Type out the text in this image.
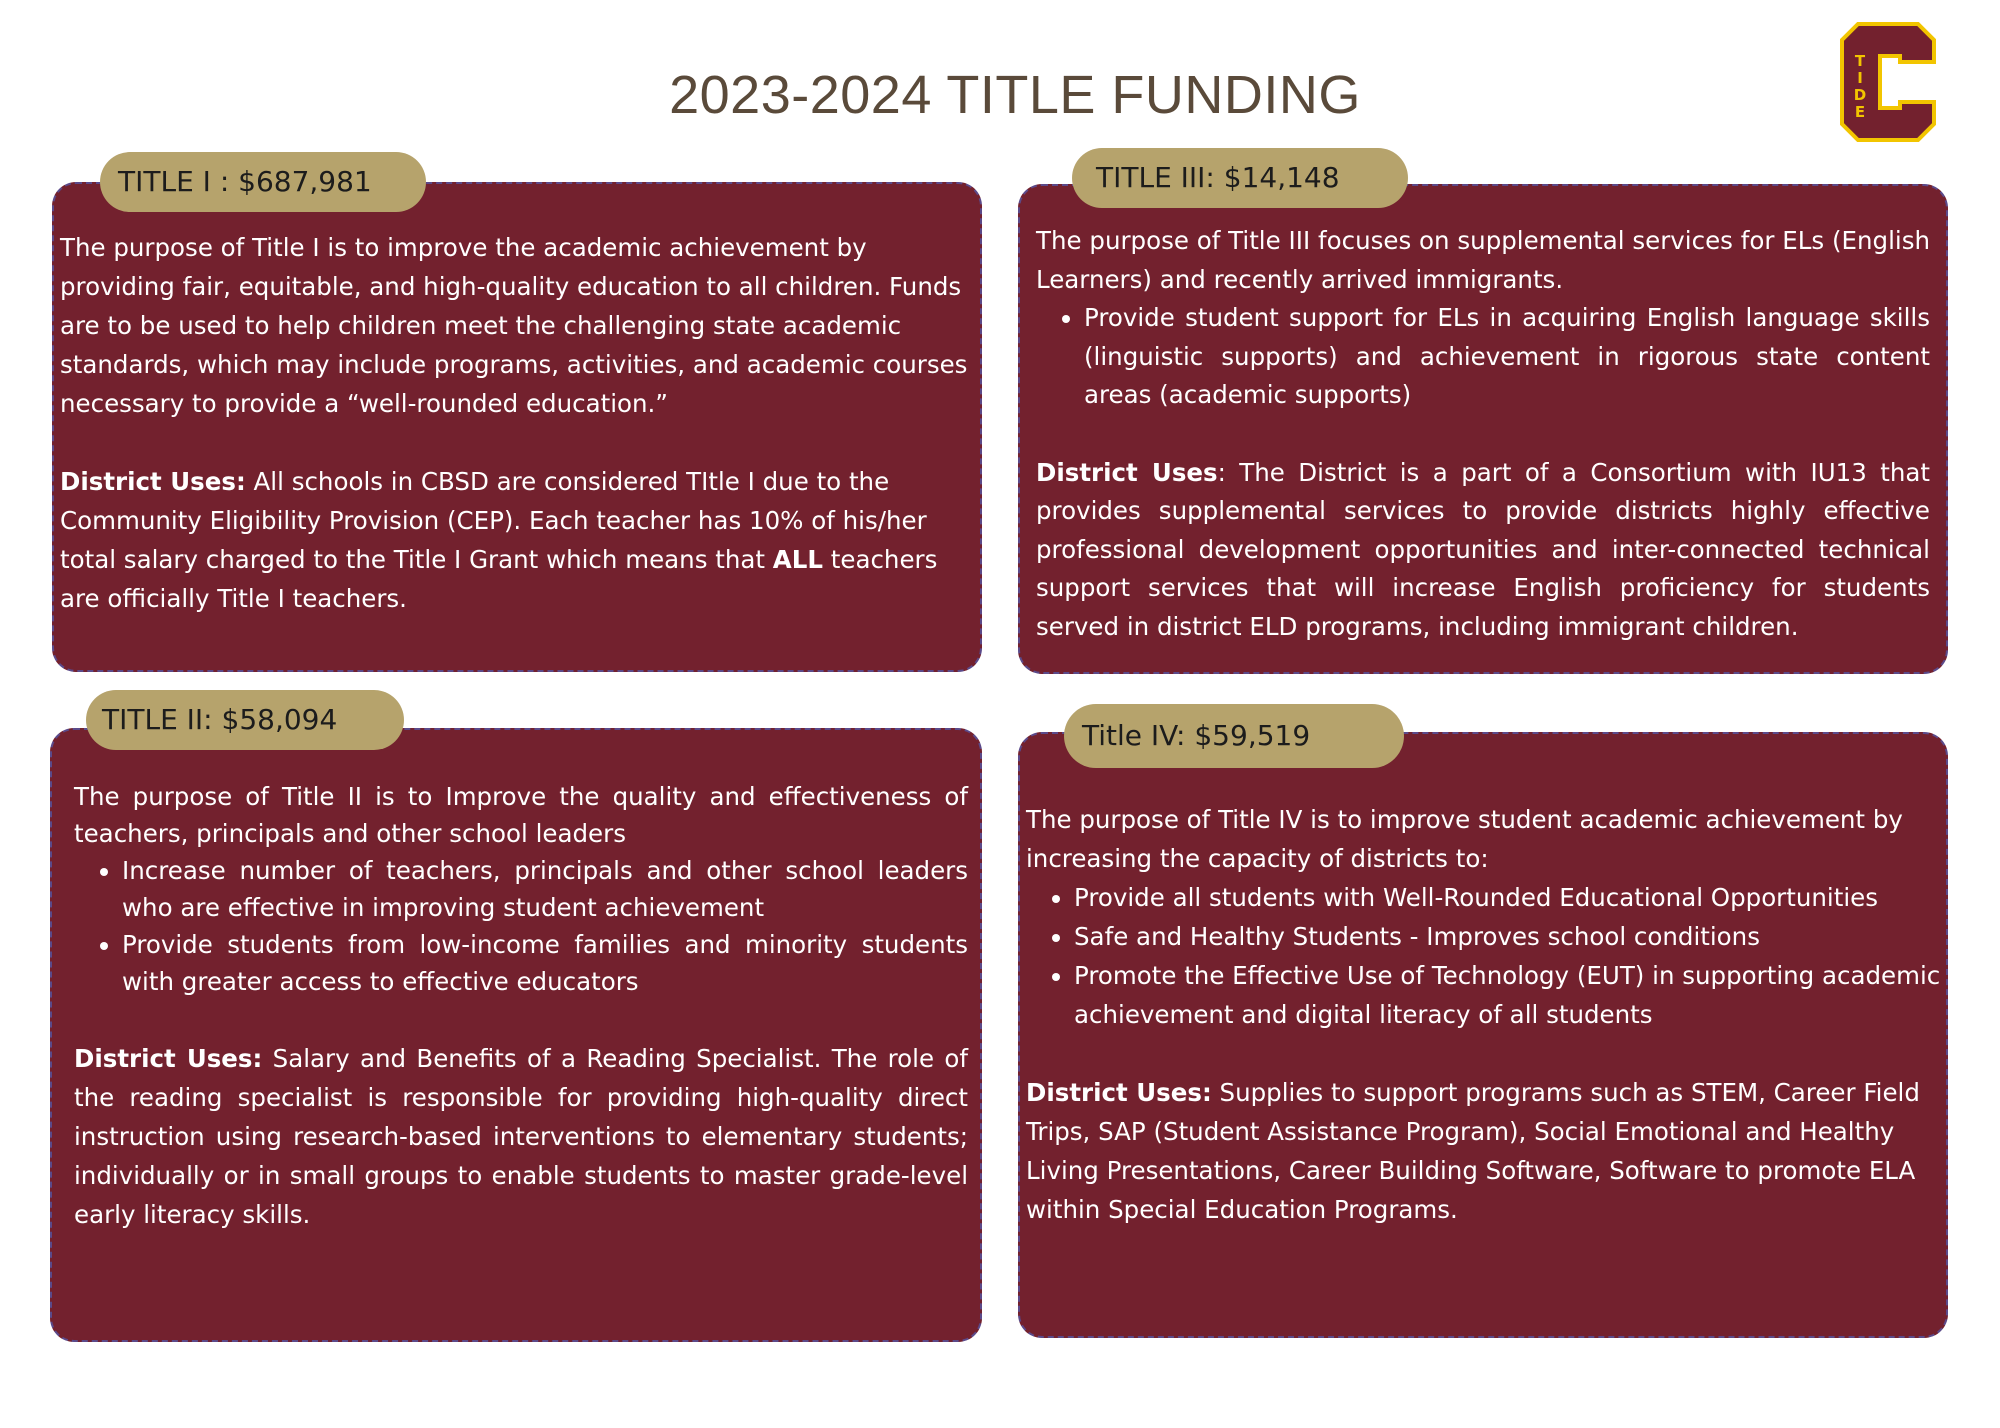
2023-2024 TITLE FUNDING
T I D E
TITLE I : $687,981

The purpose of Title I is to improve the academic achievement by providing fair, equitable, and high-quality education to all children. Funds are to be used to help children meet the challenging state academic standards, which may include programs, activities, and academic courses necessary to provide a “well-rounded education.”

District Uses: All schools in CBSD are considered TItle I due to the Community Eligibility Provision (CEP). Each teacher has 10% of his/her total salary charged to the Title I Grant which means that ALL teachers are officially Title I teachers.

TITLE III: $14,148

The purpose of Title III focuses on supplemental services for ELs (English Learners) and recently arrived immigrants.

• Provide student support for ELs in acquiring English language skills (linguistic supports) and achievement in rigorous state content areas (academic supports)

District Uses: The District is a part of a Consortium with IU13 that provides supplemental services to provide districts highly effective professional development opportunities and inter-connected technical support services that will increase English proficiency for students served in district ELD programs, including immigrant children.

TITLE II: $58,094

The purpose of Title II is to Improve the quality and effectiveness of teachers, principals and other school leaders

• Increase number of teachers, principals and other school leaders who are effective in improving student achievement
• Provide students from low-income families and minority students with greater access to effective educators

District Uses: Salary and Benefits of a Reading Specialist. The role of the reading specialist is responsible for providing high-quality direct instruction using research-based interventions to elementary students; individually or in small groups to enable students to master grade-level early literacy skills.

Title IV: $59,519

The purpose of Title IV is to improve student academic achievement by increasing the capacity of districts to:

• Provide all students with Well-Rounded Educational Opportunities
• Safe and Healthy Students - Improves school conditions
• Promote the Effective Use of Technology (EUT) in supporting academic achievement and digital literacy of all students

District Uses: Supplies to support programs such as STEM, Career Field Trips, SAP (Student Assistance Program), Social Emotional and Healthy Living Presentations, Career Building Software, Software to promote ELA within Special Education Programs.
